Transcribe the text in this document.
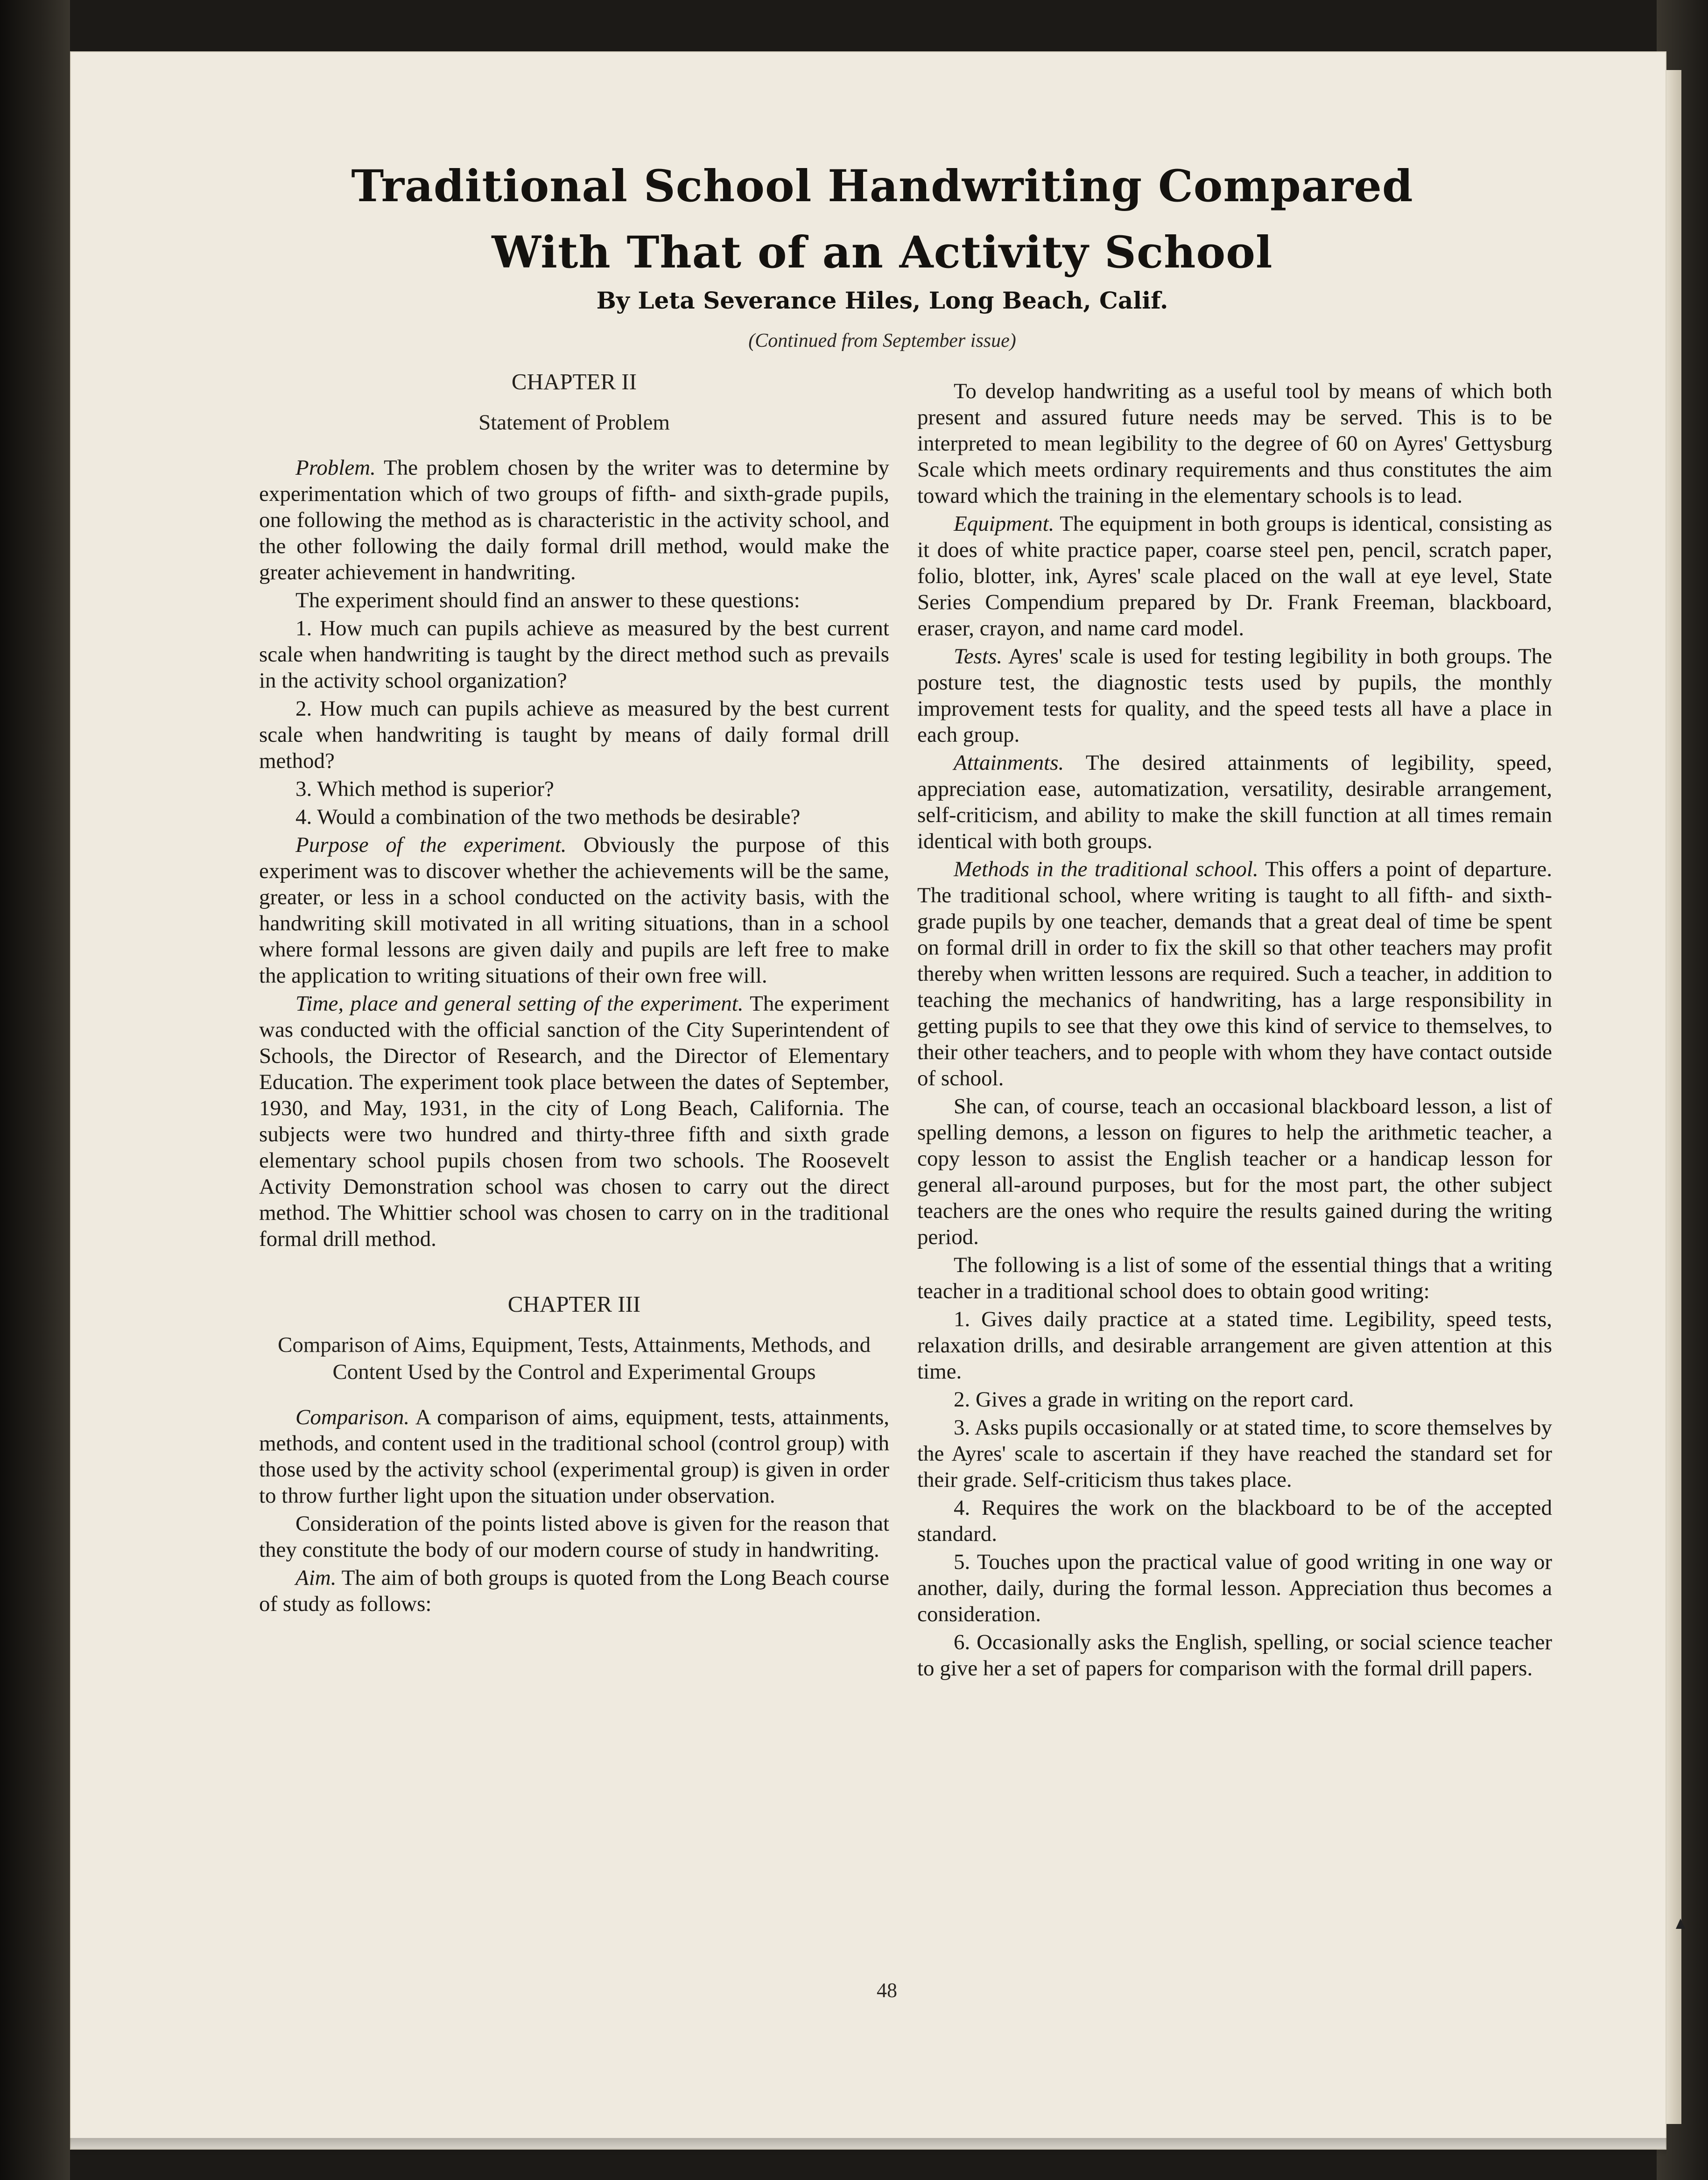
Traditional School Handwriting Compared
With That of an Activity School
By Leta Severance Hiles, Long Beach, Calif.
(Continued from September issue)

CHAPTER II

Statement of Problem

Problem. The problem chosen by the writer was to determine by experimentation which of two groups of fifth- and sixth-grade pupils, one following the method as is characteristic in the activity school, and the other following the daily formal drill method, would make the greater achievement in handwriting.

The experiment should find an answer to these questions:

1. How much can pupils achieve as measured by the best current scale when handwriting is taught by the direct method such as prevails in the activity school organization?

2. How much can pupils achieve as measured by the best current scale when handwriting is taught by means of daily formal drill method?

3. Which method is superior?

4. Would a combination of the two methods be desirable?

Purpose of the experiment. Obviously the purpose of this experiment was to discover whether the achievements will be the same, greater, or less in a school conducted on the activity basis, with the handwriting skill motivated in all writing situations, than in a school where formal lessons are given daily and pupils are left free to make the application to writing situations of their own free will.

Time, place and general setting of the experiment. The experiment was conducted with the official sanction of the City Superintendent of Schools, the Director of Research, and the Director of Elementary Education. The experiment took place between the dates of September, 1930, and May, 1931, in the city of Long Beach, California. The subjects were two hundred and thirty-three fifth and sixth grade elementary school pupils chosen from two schools. The Roosevelt Activity Demonstration school was chosen to carry out the direct method. The Whittier school was chosen to carry on in the traditional formal drill method.

CHAPTER III

Comparison of Aims, Equipment, Tests, Attainments, Methods, and Content Used by the Control and Experimental Groups

Comparison. A comparison of aims, equipment, tests, attainments, methods, and content used in the traditional school (control group) with those used by the activity school (experimental group) is given in order to throw further light upon the situation under observation.

Consideration of the points listed above is given for the reason that they constitute the body of our modern course of study in handwriting.

Aim. The aim of both groups is quoted from the Long Beach course of study as follows:

To develop handwriting as a useful tool by means of which both present and assured future needs may be served. This is to be interpreted to mean legibility to the degree of 60 on Ayres' Gettysburg Scale which meets ordinary requirements and thus constitutes the aim toward which the training in the elementary schools is to lead.

Equipment. The equipment in both groups is identical, consisting as it does of white practice paper, coarse steel pen, pencil, scratch paper, folio, blotter, ink, Ayres' scale placed on the wall at eye level, State Series Compendium prepared by Dr. Frank Freeman, blackboard, eraser, crayon, and name card model.

Tests. Ayres' scale is used for testing legibility in both groups. The posture test, the diagnostic tests used by pupils, the monthly improvement tests for quality, and the speed tests all have a place in each group.

Attainments. The desired attainments of legibility, speed, appreciation ease, automatization, versatility, desirable arrangement, self-criticism, and ability to make the skill function at all times remain identical with both groups.

Methods in the traditional school. This offers a point of departure. The traditional school, where writing is taught to all fifth- and sixth-grade pupils by one teacher, demands that a great deal of time be spent on formal drill in order to fix the skill so that other teachers may profit thereby when written lessons are required. Such a teacher, in addition to teaching the mechanics of handwriting, has a large responsibility in getting pupils to see that they owe this kind of service to themselves, to their other teachers, and to people with whom they have contact outside of school.

She can, of course, teach an occasional blackboard lesson, a list of spelling demons, a lesson on figures to help the arithmetic teacher, a copy lesson to assist the English teacher or a handicap lesson for general all-around purposes, but for the most part, the other subject teachers are the ones who require the results gained during the writing period.

The following is a list of some of the essential things that a writing teacher in a traditional school does to obtain good writing:

1. Gives daily practice at a stated time. Legibility, speed tests, relaxation drills, and desirable arrangement are given attention at this time.

2. Gives a grade in writing on the report card.

3. Asks pupils occasionally or at stated time, to score themselves by the Ayres' scale to ascertain if they have reached the standard set for their grade. Self-criticism thus takes place.

4. Requires the work on the blackboard to be of the accepted standard.

5. Touches upon the practical value of good writing in one way or another, daily, during the formal lesson. Appreciation thus becomes a consideration.

6. Occasionally asks the English, spelling, or social science teacher to give her a set of papers for comparison with the formal drill papers.

48
